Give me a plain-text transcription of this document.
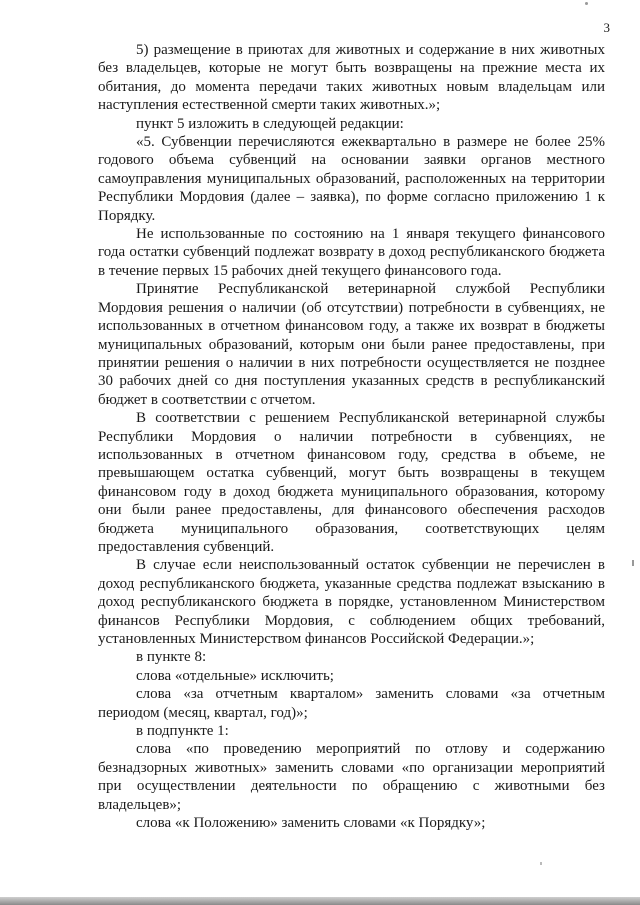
3

5) размещение в приютах для животных и содержание в них животных без владельцев, которые не могут быть возвращены на прежние места их обитания, до момента передачи таких животных новым владельцам или наступления естественной смерти таких животных.»;

пункт 5 изложить в следующей редакции:

«5. Субвенции перечисляются ежеквартально в размере не более 25% годового объема субвенций на основании заявки органов местного самоуправления муниципальных образований, расположенных на территории Республики Мордовия (далее – заявка), по форме согласно приложению 1 к Порядку.

Не использованные по состоянию на 1 января текущего финансового года остатки субвенций подлежат возврату в доход республиканского бюджета в течение первых 15 рабочих дней текущего финансового года.

Принятие Республиканской ветеринарной службой Республики Мордовия решения о наличии (об отсутствии) потребности в субвенциях, не использованных в отчетном финансовом году, а также их возврат в бюджеты муниципальных образований, которым они были ранее предоставлены, при принятии решения о наличии в них потребности осуществляется не позднее 30 рабочих дней со дня поступления указанных средств в республиканский бюджет в соответствии с отчетом.

В соответствии с решением Республиканской ветеринарной службы Республики Мордовия о наличии потребности в субвенциях, не использованных в отчетном финансовом году, средства в объеме, не превышающем остатка субвенций, могут быть возвращены в текущем финансовом году в доход бюджета муниципального образования, которому они были ранее предоставлены, для финансового обеспечения расходов бюджета муниципального образования, соответствующих целям предоставления субвенций.

В случае если неиспользованный остаток субвенции не перечислен в доход республиканского бюджета, указанные средства подлежат взысканию в доход республиканского бюджета в порядке, установленном Министерством финансов Республики Мордовия, с соблюдением общих требований, установленных Министерством финансов Российской Федерации.»;

в пункте 8:

слова «отдельные» исключить;

слова «за отчетным кварталом» заменить словами «за отчетным периодом (месяц, квартал, год)»;

в подпункте 1:

слова «по проведению мероприятий по отлову и содержанию безнадзорных животных» заменить словами «по организации мероприятий при осуществлении деятельности по обращению с животными без владельцев»;

слова «к Положению» заменить словами «к Порядку»;
